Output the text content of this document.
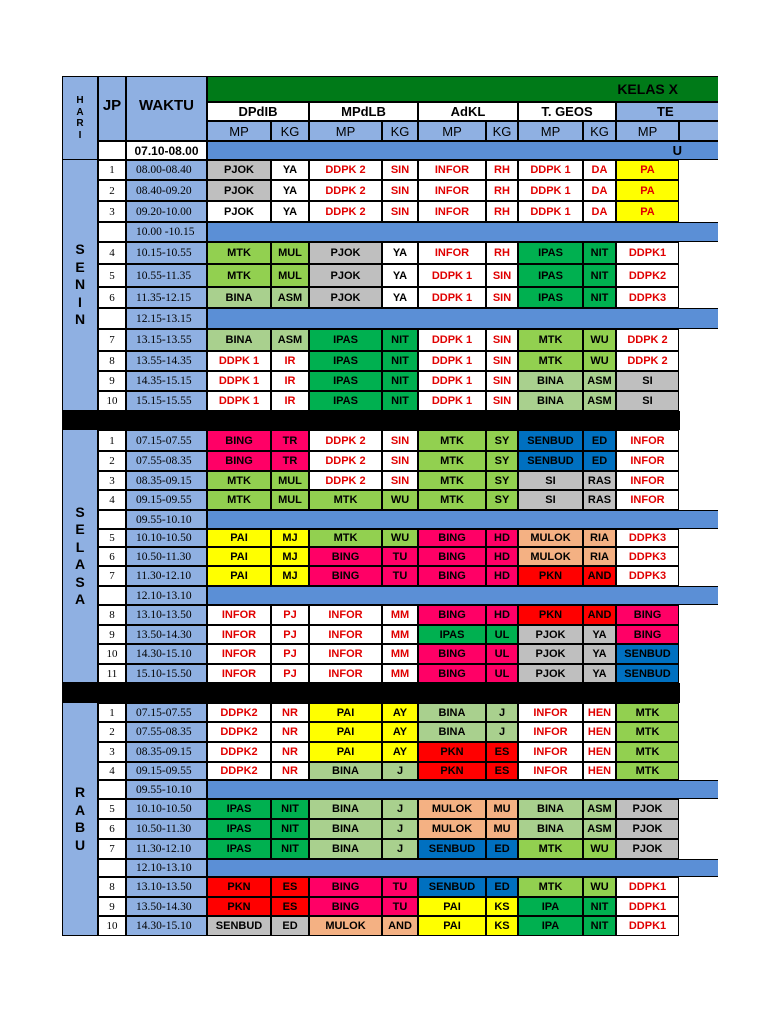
H
A
R
I
JP	WAKTU
KELAS X
DPdIB	MPdLB	AdKL	T. GEOS	TE
MP	KG	MP	KG	MP	KG	MP	KG	MP
07.10-08.00	U
S
E
N
I
N
1	08.00-08.40	PJOK	YA	DDPK 2	SIN	INFOR	RH	DDPK 1	DA	PA
2	08.40-09.20	PJOK	YA	DDPK 2	SIN	INFOR	RH	DDPK 1	DA	PA
3	09.20-10.00	PJOK	YA	DDPK 2	SIN	INFOR	RH	DDPK 1	DA	PA
10.00 -10.15
4	10.15-10.55	MTK	MUL	PJOK	YA	INFOR	RH	IPAS	NIT	DDPK1
5	10.55-11.35	MTK	MUL	PJOK	YA	DDPK 1	SIN	IPAS	NIT	DDPK2
6	11.35-12.15	BINA	ASM	PJOK	YA	DDPK 1	SIN	IPAS	NIT	DDPK3
12.15-13.15
7	13.15-13.55	BINA	ASM	IPAS	NIT	DDPK 1	SIN	MTK	WU	DDPK 2
8	13.55-14.35	DDPK 1	IR	IPAS	NIT	DDPK 1	SIN	MTK	WU	DDPK 2
9	14.35-15.15	DDPK 1	IR	IPAS	NIT	DDPK 1	SIN	BINA	ASM	SI
10	15.15-15.55	DDPK 1	IR	IPAS	NIT	DDPK 1	SIN	BINA	ASM	SI
S
E
L
A
S
A
1	07.15-07.55	BING	TR	DDPK 2	SIN	MTK	SY	SENBUD	ED	INFOR
2	07.55-08.35	BING	TR	DDPK 2	SIN	MTK	SY	SENBUD	ED	INFOR
3	08.35-09.15	MTK	MUL	DDPK 2	SIN	MTK	SY	SI	RAS	INFOR
4	09.15-09.55	MTK	MUL	MTK	WU	MTK	SY	SI	RAS	INFOR
09.55-10.10
5	10.10-10.50	PAI	MJ	MTK	WU	BING	HD	MULOK	RIA	DDPK3
6	10.50-11.30	PAI	MJ	BING	TU	BING	HD	MULOK	RIA	DDPK3
7	11.30-12.10	PAI	MJ	BING	TU	BING	HD	PKN	AND	DDPK3
12.10-13.10
8	13.10-13.50	INFOR	PJ	INFOR	MM	BING	HD	PKN	AND	BING
9	13.50-14.30	INFOR	PJ	INFOR	MM	IPAS	UL	PJOK	YA	BING
10	14.30-15.10	INFOR	PJ	INFOR	MM	BING	UL	PJOK	YA	SENBUD
11	15.10-15.50	INFOR	PJ	INFOR	MM	BING	UL	PJOK	YA	SENBUD
R
A
B
U
1	07.15-07.55	DDPK2	NR	PAI	AY	BINA	J	INFOR	HEN	MTK
2	07.55-08.35	DDPK2	NR	PAI	AY	BINA	J	INFOR	HEN	MTK
3	08.35-09.15	DDPK2	NR	PAI	AY	PKN	ES	INFOR	HEN	MTK
4	09.15-09.55	DDPK2	NR	BINA	J	PKN	ES	INFOR	HEN	MTK
09.55-10.10
5	10.10-10.50	IPAS	NIT	BINA	J	MULOK	MU	BINA	ASM	PJOK
6	10.50-11.30	IPAS	NIT	BINA	J	MULOK	MU	BINA	ASM	PJOK
7	11.30-12.10	IPAS	NIT	BINA	J	SENBUD	ED	MTK	WU	PJOK
12.10-13.10
8	13.10-13.50	PKN	ES	BING	TU	SENBUD	ED	MTK	WU	DDPK1
9	13.50-14.30	PKN	ES	BING	TU	PAI	KS	IPA	NIT	DDPK1
10	14.30-15.10	SENBUD	ED	MULOK	AND	PAI	KS	IPA	NIT	DDPK1
